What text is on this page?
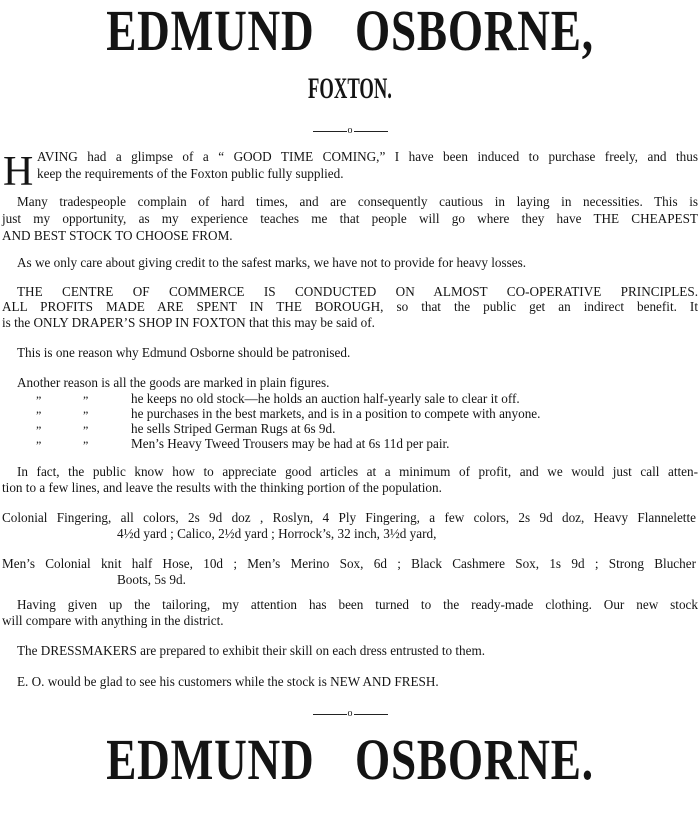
EDMUND OSBORNE,
FOXTON.
o
H AVING had a glimpse of a “ GOOD TIME COMING,” I have been induced to purchase freely, and thus
keep the requirements of the Foxton public fully supplied.
Many tradespeople complain of hard times, and are consequently cautious in laying in necessities. This is
just my opportunity, as my experience teaches me that people will go where they have THE CHEAPEST
AND BEST STOCK TO CHOOSE FROM.
As we only care about giving credit to the safest marks, we have not to provide for heavy losses.
THE CENTRE OF COMMERCE IS CONDUCTED ON ALMOST CO-OPERATIVE PRINCIPLES.
ALL PROFITS MADE ARE SPENT IN THE BOROUGH, so that the public get an indirect benefit. It
is the ONLY DRAPER’S SHOP IN FOXTON that this may be said of.
This is one reason why Edmund Osborne should be patronised.
Another reason is all the goods are marked in plain figures.
”	”	he keeps no old stock—he holds an auction half-yearly sale to clear it off.
”	”	he purchases in the best markets, and is in a position to compete with anyone.
”	”	he sells Striped German Rugs at 6s 9d.
”	”	Men’s Heavy Tweed Trousers may be had at 6s 11d per pair.
In fact, the public know how to appreciate good articles at a minimum of profit, and we would just call atten-
tion to a few lines, and leave the results with the thinking portion of the population.
Colonial Fingering, all colors, 2s 9d doz , Roslyn, 4 Ply Fingering, a few colors, 2s 9d doz, Heavy Flannelette
4½d yard ; Calico, 2½d yard ; Horrock’s, 32 inch, 3½d yard,
Men’s Colonial knit half Hose, 10d ; Men’s Merino Sox, 6d ; Black Cashmere Sox, 1s 9d ; Strong Blucher
Boots, 5s 9d.
Having given up the tailoring, my attention has been turned to the ready-made clothing. Our new stock
will compare with anything in the district.
The DRESSMAKERS are prepared to exhibit their skill on each dress entrusted to them.
E. O. would be glad to see his customers while the stock is NEW AND FRESH.
o
EDMUND OSBORNE.
